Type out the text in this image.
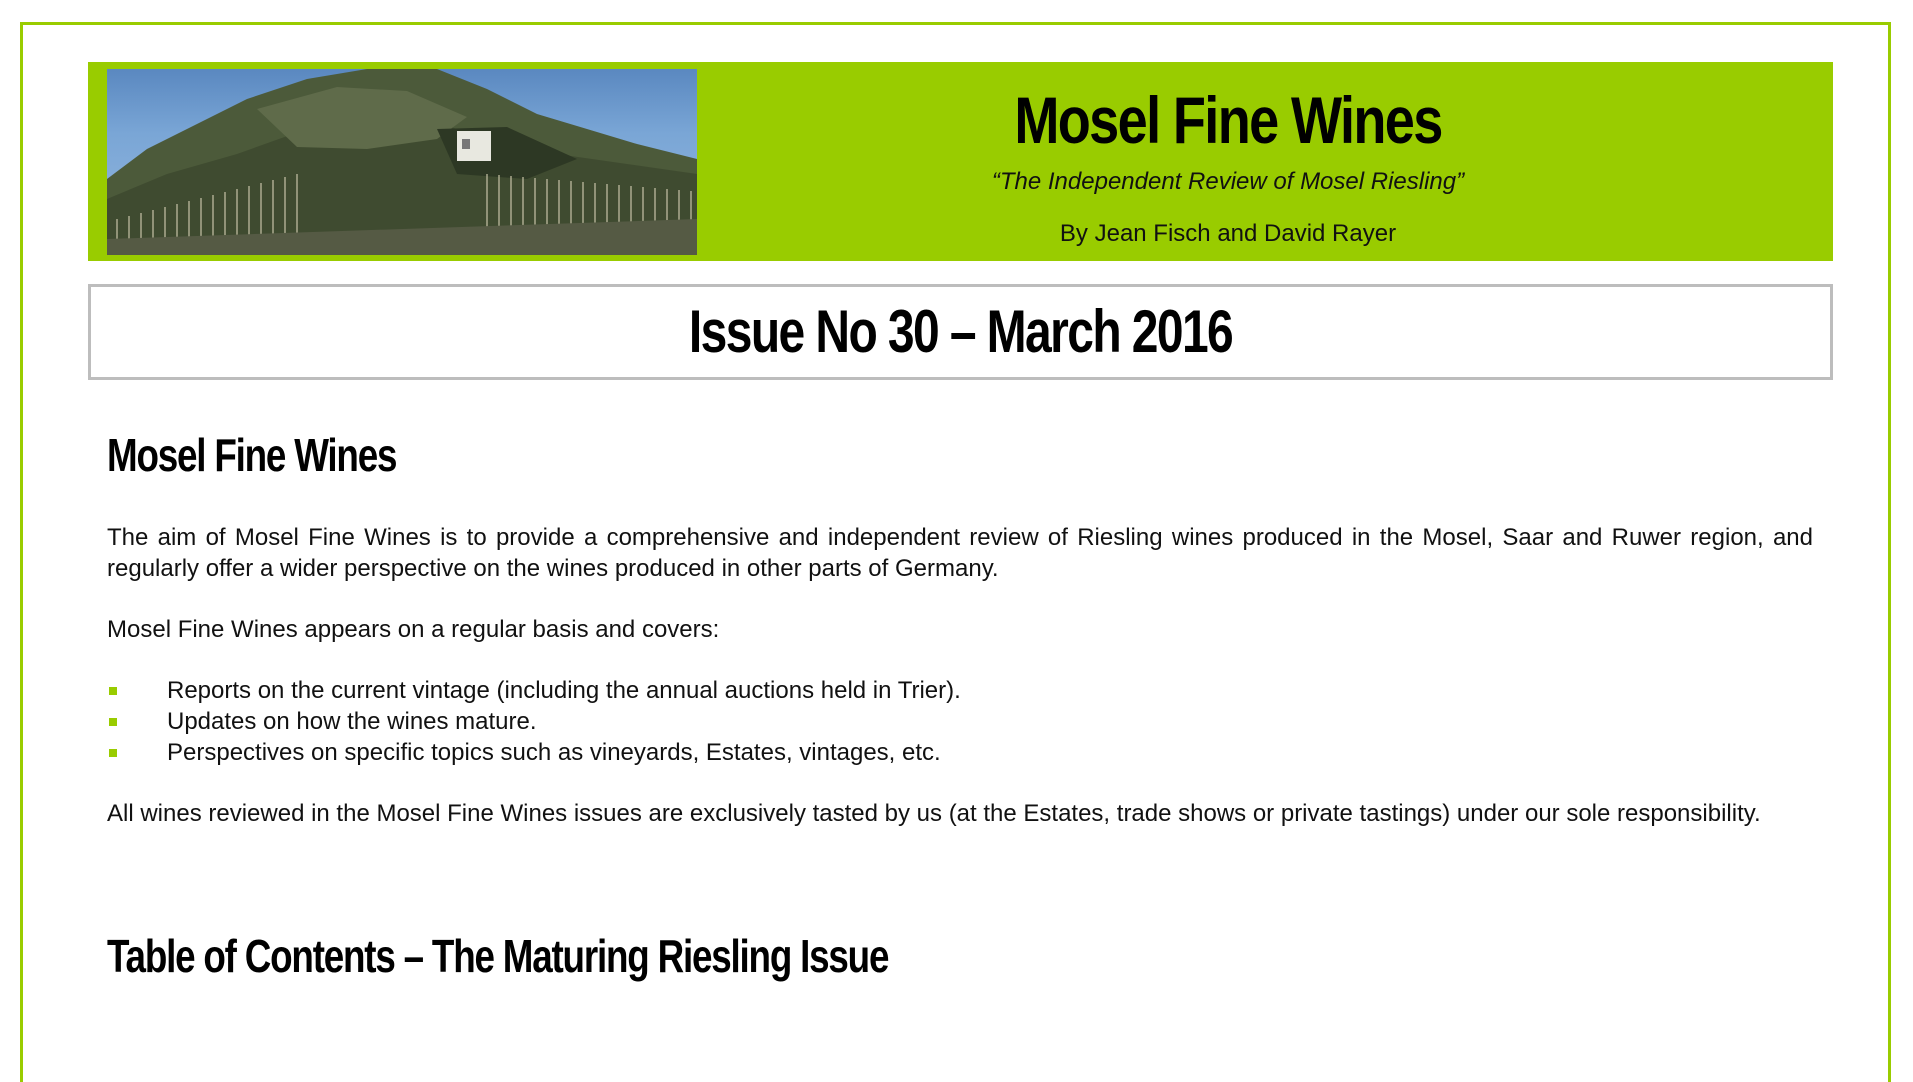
Mosel Fine Wines
“The Independent Review of Mosel Riesling”
By Jean Fisch and David Rayer
Issue No 30 – March 2016
Mosel Fine Wines

The aim of Mosel Fine Wines is to provide a comprehensive and independent review of Riesling wines produced in the Mosel, Saar and Ruwer region, and regularly offer a wider perspective on the wines produced in other parts of Germany.

Mosel Fine Wines appears on a regular basis and covers:

Reports on the current vintage (including the annual auctions held in Trier).
Updates on how the wines mature.
Perspectives on specific topics such as vineyards, Estates, vintages, etc.

All wines reviewed in the Mosel Fine Wines issues are exclusively tasted by us (at the Estates, trade shows or private tastings) under our sole responsibility.

Table of Contents – The Maturing Riesling Issue
